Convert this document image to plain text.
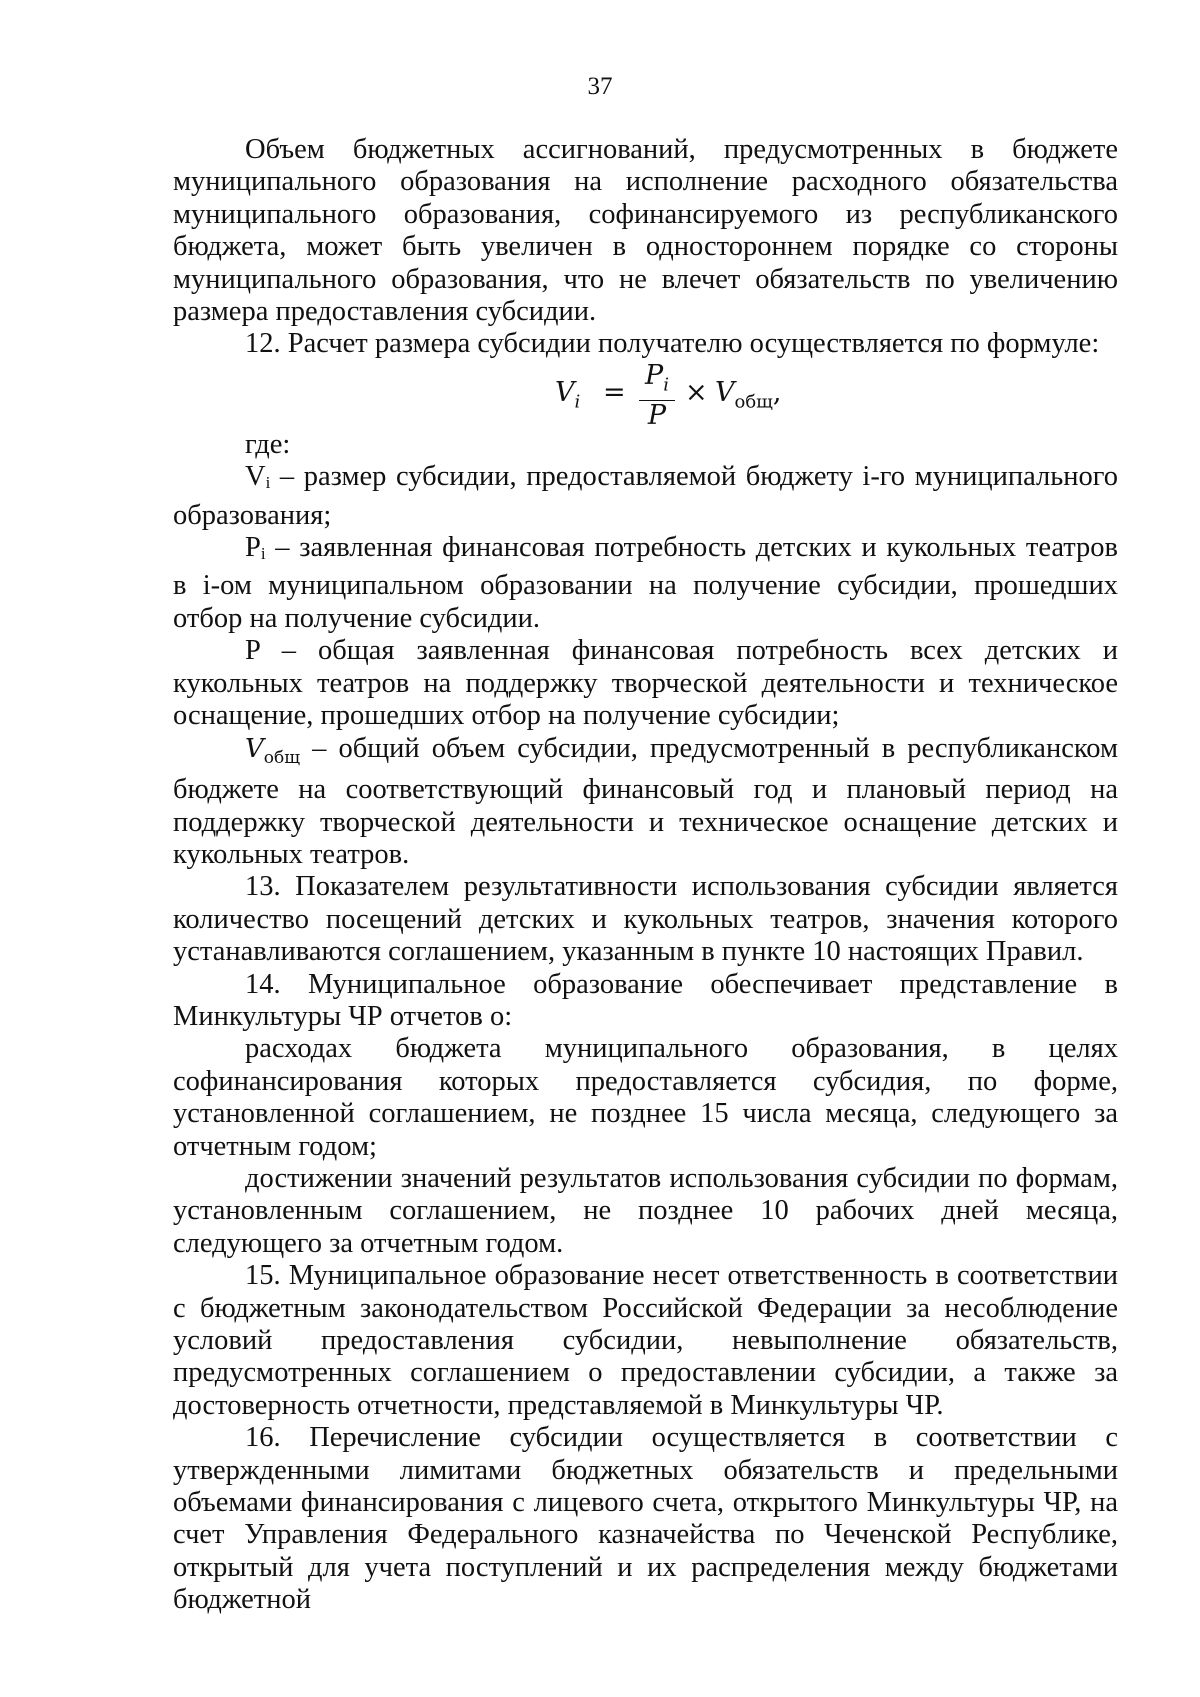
37

Объем бюджетных ассигнований, предусмотренных в бюджете муниципального образования на исполнение расходного обязательства муниципального образования, софинансируемого из республиканского бюджета, может быть увеличен в одностороннем порядке со стороны муниципального образования, что не влечет обязательств по увеличению размера предоставления субсидии.

12. Расчет размера субсидии получателю осуществляется по формуле:

$V_i = \frac{P_i}{P} \times V_{общ}$,

где:

Vi – размер субсидии, предоставляемой бюджету i-го муниципального образования;

Pi – заявленная финансовая потребность детских и кукольных театров в i-ом муниципальном образовании на получение субсидии, прошедших отбор на получение субсидии.

P – общая заявленная финансовая потребность всех детских и кукольных театров на поддержку творческой деятельности и техническое оснащение, прошедших отбор на получение субсидии;

$V_{общ}$ – общий объем субсидии, предусмотренный в республиканском бюджете на соответствующий финансовый год и плановый период на поддержку творческой деятельности и техническое оснащение детских и кукольных театров.

13. Показателем результативности использования субсидии является количество посещений детских и кукольных театров, значения которого устанавливаются соглашением, указанным в пункте 10 настоящих Правил.

14. Муниципальное образование обеспечивает представление в Минкультуры ЧР отчетов о:

расходах бюджета муниципального образования, в целях софинансирования которых предоставляется субсидия, по форме, установленной соглашением, не позднее 15 числа месяца, следующего за отчетным годом;

достижении значений результатов использования субсидии по формам, установленным соглашением, не позднее 10 рабочих дней месяца, следующего за отчетным годом.

15. Муниципальное образование несет ответственность в соответствии с бюджетным законодательством Российской Федерации за несоблюдение условий предоставления субсидии, невыполнение обязательств, предусмотренных соглашением о предоставлении субсидии, а также за достоверность отчетности, представляемой в Минкультуры ЧР.

16. Перечисление субсидии осуществляется в соответствии с утвержденными лимитами бюджетных обязательств и предельными объемами финансирования с лицевого счета, открытого Минкультуры ЧР, на счет Управления Федерального казначейства по Чеченской Республике, открытый для учета поступлений и их распределения между бюджетами бюджетной
